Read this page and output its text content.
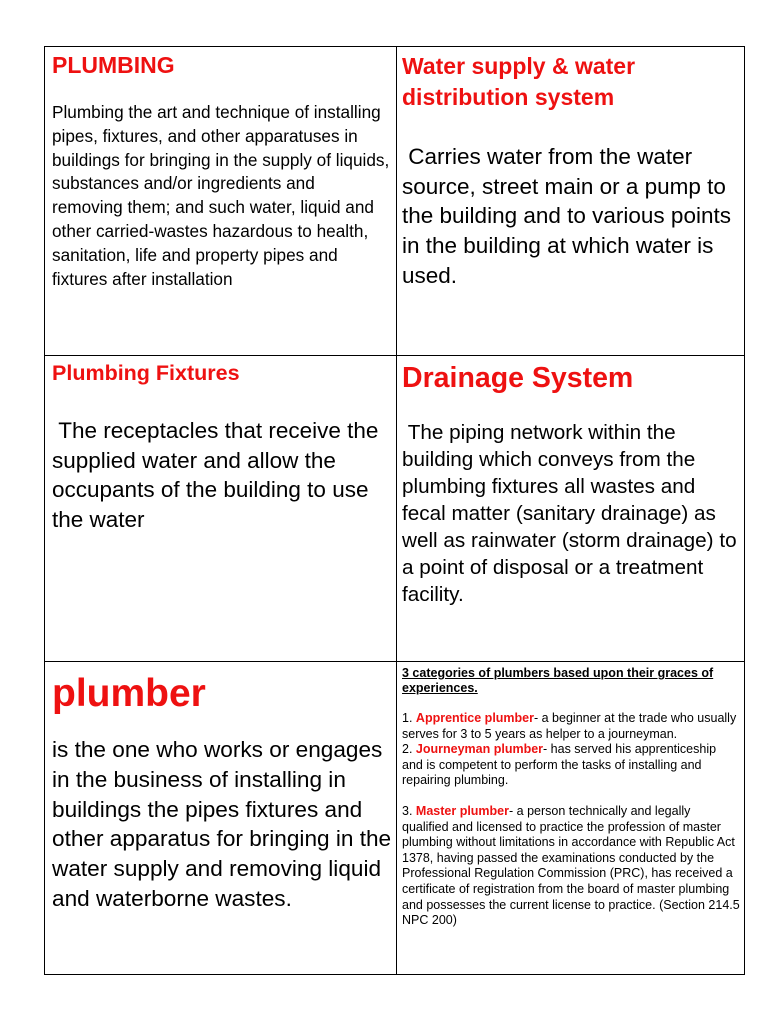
PLUMBING

Plumbing the art and technique of installing pipes, fixtures, and other apparatuses in buildings for bringing in the supply of liquids, substances and/or ingredients and removing them; and such water, liquid and other carried-wastes hazardous to health, sanitation, life and property pipes and fixtures after installation

Water supply & water distribution system

Carries water from the water source, street main or a pump to the building and to various points in the building at which water is used.

Plumbing Fixtures

The receptacles that receive the supplied water and allow the occupants of the building to use the water

Drainage System

The piping network within the building which conveys from the plumbing fixtures all wastes and fecal matter (sanitary drainage) as well as rainwater (storm drainage) to a point of disposal or a treatment facility.

plumber

is the one who works or engages in the business of installing in buildings the pipes fixtures and other apparatus for bringing in the water supply and removing liquid and waterborne wastes.

3 categories of plumbers based upon their graces of experiences.
1. Apprentice plumber- a beginner at the trade who usually serves for 3 to 5 years as helper to a journeyman.
2. Journeyman plumber- has served his apprenticeship and is competent to perform the tasks of installing and repairing plumbing.
3. Master plumber- a person technically and legally qualified and licensed to practice the profession of master plumbing without limitations in accordance with Republic Act 1378, having passed the examinations conducted by the Professional Regulation Commission (PRC), has received a certificate of registration from the board of master plumbing and possesses the current license to practice. (Section 214.5 NPC 200)
